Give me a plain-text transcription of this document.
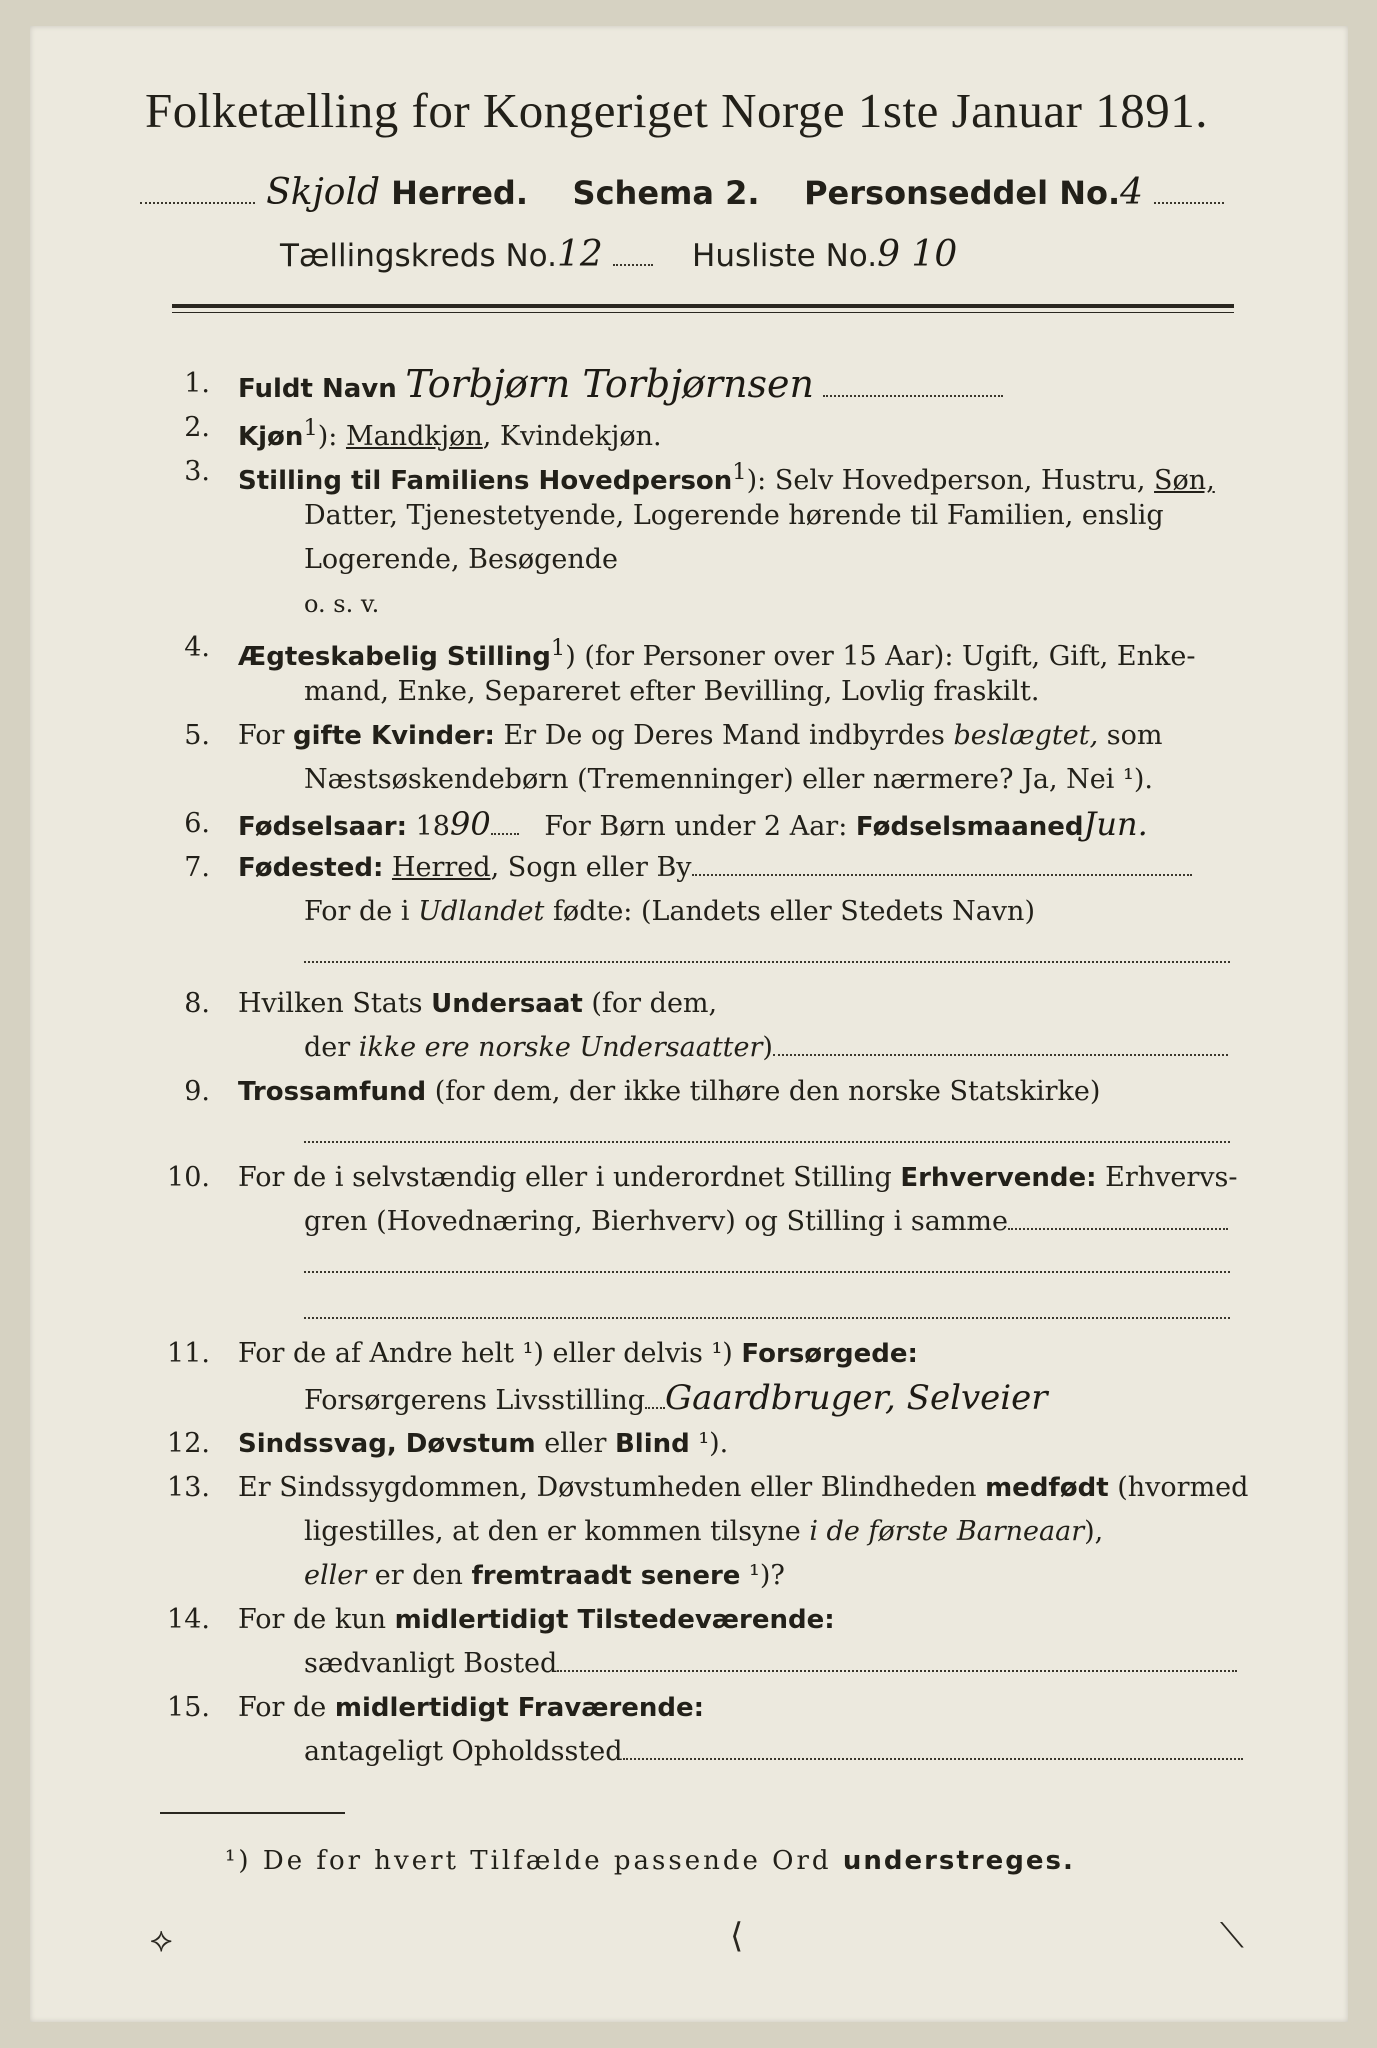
Folketælling for Kongeriget Norge 1ste Januar 1891.
Skjold Herred. Schema 2. Personseddel No.4
Tællingskreds No.12	Husliste No.9 10
1. Fuldt Navn Torbjørn Torbjørnsen
2. Kjøn$^1$): Mandkjøn, Kvindekjøn.
3. Stilling til Familiens Hovedperson$^1$): Selv Hovedperson, Hustru, Søn,
Datter, Tjenestetyende, Logerende hørende til Familien, enslig
Logerende, Besøgende
o. s. v.
4. Ægteskabelig Stilling$^1$) (for Personer over 15 Aar): Ugift, Gift, Enke-
mand, Enke, Separeret efter Bevilling, Lovlig fraskilt.
5. For gifte Kvinder: Er De og Deres Mand indbyrdes beslægtet, som
Næstsøskendebørn (Tremenninger) eller nærmere? Ja, Nei ¹).
6. Fødselsaar: 1890 For Børn under 2 Aar: FødselsmaanedJun.
7. Fødested: Herred, Sogn eller By
For de i Udlandet fødte: (Landets eller Stedets Navn)
8. Hvilken Stats Undersaat (for dem,
der ikke ere norske Undersaatter)
9. Trossamfund (for dem, der ikke tilhøre den norske Statskirke)
10. For de i selvstændig eller i underordnet Stilling Erhvervende: Erhvervs-
gren (Hovednæring, Bierhverv) og Stilling i samme
11. For de af Andre helt ¹) eller delvis ¹) Forsørgede:
Forsørgerens Livsstilling Gaardbruger, Selveier
12. Sindssvag, Døvstum eller Blind ¹).
13. Er Sindssygdommen, Døvstumheden eller Blindheden medfødt (hvormed
ligestilles, at den er kommen tilsyne i de første Barneaar),
eller er den fremtraadt senere ¹)?
14. For de kun midlertidigt Tilstedeværende:
sædvanligt Bosted
15. For de midlertidigt Fraværende:
antageligt Opholdssted
¹) De for hvert Tilfælde passende Ord understreges.
⟡	⟨	⟍
